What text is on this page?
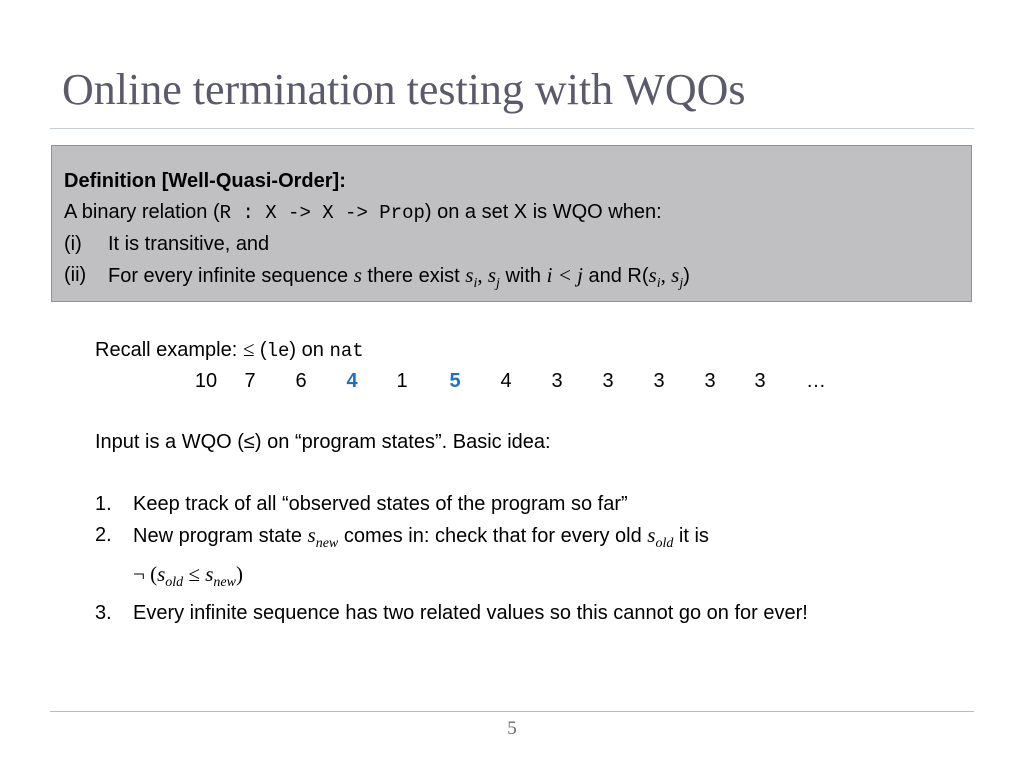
Online termination testing with WQOs
Definition [Well-Quasi-Order]:
A binary relation (R : X -> X -> Prop) on a set X is WQO when:
(i) It is transitive, and
(ii) For every infinite sequence s there exist $s_i$, $s_j$ with i < j and $R(s_i$, $s_j$)
Recall example: ≤ (le) on nat
10 7 6 4 1 5 4 3 3 3 3 3 …
Input is a WQO (≤) on “program states”. Basic idea:
1. Keep track of all “observed states of the program so far”
2. New program state $s_{new}$ comes in: check that for every old $s_{old}$ it is
¬ $(s_{old} \le s_{new})$
3. Every infinite sequence has two related values so this cannot go on for ever!
5
